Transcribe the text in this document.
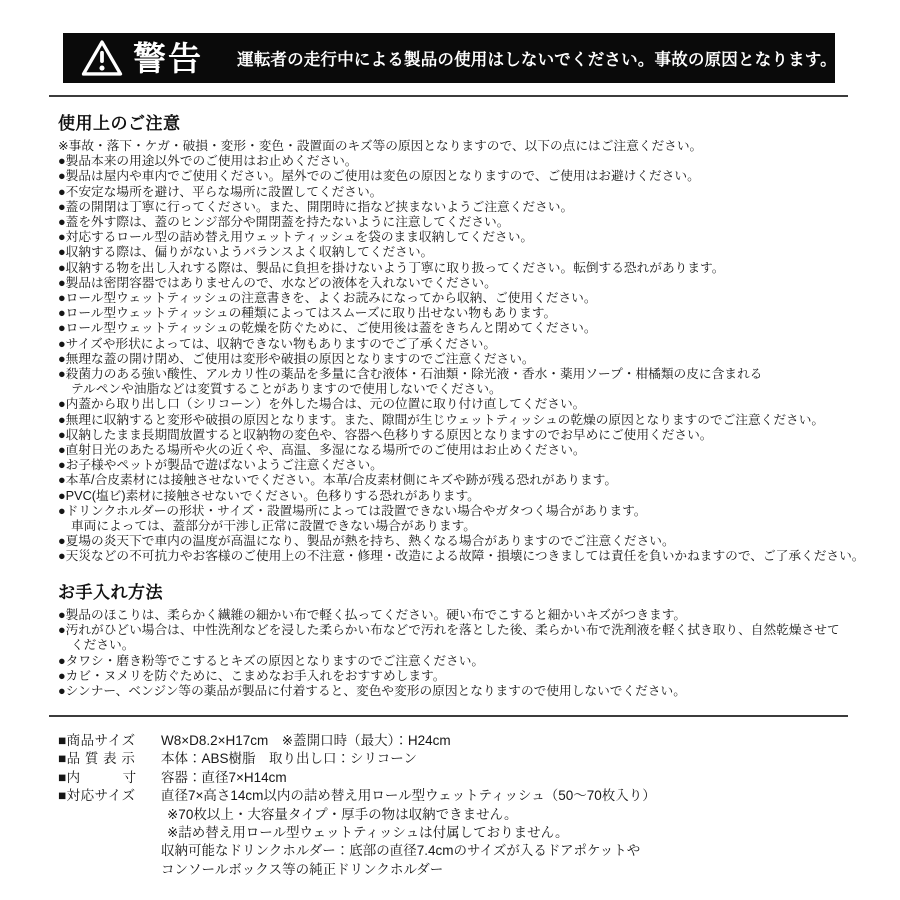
警告 運転者の走行中による製品の使用はしないでください。事故の原因となります。
使用上のご注意
※事故・落下・ケガ・破損・変形・変色・設置面のキズ等の原因となりますので、以下の点にはご注意ください。
●製品本来の用途以外でのご使用はお止めください。
●製品は屋内や車内でご使用ください。屋外でのご使用は変色の原因となりますので、ご使用はお避けください。
●不安定な場所を避け、平らな場所に設置してください。
●蓋の開閉は丁寧に行ってください。また、開閉時に指など挟まないようご注意ください。
●蓋を外す際は、蓋のヒンジ部分や開閉蓋を持たないように注意してください。
●対応するロール型の詰め替え用ウェットティッシュを袋のまま収納してください。
●収納する際は、偏りがないようバランスよく収納してください。
●収納する物を出し入れする際は、製品に負担を掛けないよう丁寧に取り扱ってください。転倒する恐れがあります。
●製品は密閉容器ではありませんので、水などの液体を入れないでください。
●ロール型ウェットティッシュの注意書きを、よくお読みになってから収納、ご使用ください。
●ロール型ウェットティッシュの種類によってはスムーズに取り出せない物もあります。
●ロール型ウェットティッシュの乾燥を防ぐために、ご使用後は蓋をきちんと閉めてください。
●サイズや形状によっては、収納できない物もありますのでご了承ください。
●無理な蓋の開け閉め、ご使用は変形や破損の原因となりますのでご注意ください。
●殺菌力のある強い酸性、アルカリ性の薬品を多量に含む液体・石油類・除光液・香水・薬用ソープ・柑橘類の皮に含まれる
テルペンや油脂などは変質することがありますので使用しないでください。
●内蓋から取り出し口（シリコーン）を外した場合は、元の位置に取り付け直してください。
●無理に収納すると変形や破損の原因となります。また、隙間が生じウェットティッシュの乾燥の原因となりますのでご注意ください。
●収納したまま長期間放置すると収納物の変色や、容器へ色移りする原因となりますのでお早めにご使用ください。
●直射日光のあたる場所や火の近くや、高温、多湿になる場所でのご使用はお止めください。
●お子様やペットが製品で遊ばないようご注意ください。
●本革/合皮素材には接触させないでください。本革/合皮素材側にキズや跡が残る恐れがあります。
●PVC(塩ビ)素材に接触させないでください。色移りする恐れがあります。
●ドリンクホルダーの形状・サイズ・設置場所によっては設置できない場合やガタつく場合があります。
車両によっては、蓋部分が干渉し正常に設置できない場合があります。
●夏場の炎天下で車内の温度が高温になり、製品が熱を持ち、熱くなる場合がありますのでご注意ください。
●天災などの不可抗力やお客様のご使用上の不注意・修理・改造による故障・損壊につきましては責任を負いかねますので、ご了承ください。
お手入れ方法
●製品のほこりは、柔らかく繊維の細かい布で軽く払ってください。硬い布でこすると細かいキズがつきます。
●汚れがひどい場合は、中性洗剤などを浸した柔らかい布などで汚れを落とした後、柔らかい布で洗剤液を軽く拭き取り、自然乾燥させて
ください。
●タワシ・磨き粉等でこするとキズの原因となりますのでご注意ください。
●カビ・ヌメリを防ぐために、こまめなお手入れをおすすめします。
●シンナー、ベンジン等の薬品が製品に付着すると、変色や変形の原因となりますので使用しないでください。
■商品サイズ	W8×D8.2×H17cm　※蓋開口時（最大）：H24cm
■品 質 表 示	本体：ABS樹脂　取り出し口：シリコーン
■内　　　寸	容器：直径7×H14cm
■対応サイズ	直径7×高さ14cm以内の詰め替え用ロール型ウェットティッシュ（50～70枚入り）
※70枚以上・大容量タイプ・厚手の物は収納できません。
※詰め替え用ロール型ウェットティッシュは付属しておりません。
収納可能なドリンクホルダー：底部の直径7.4cmのサイズが入るドアポケットや
コンソールボックス等の純正ドリンクホルダー
